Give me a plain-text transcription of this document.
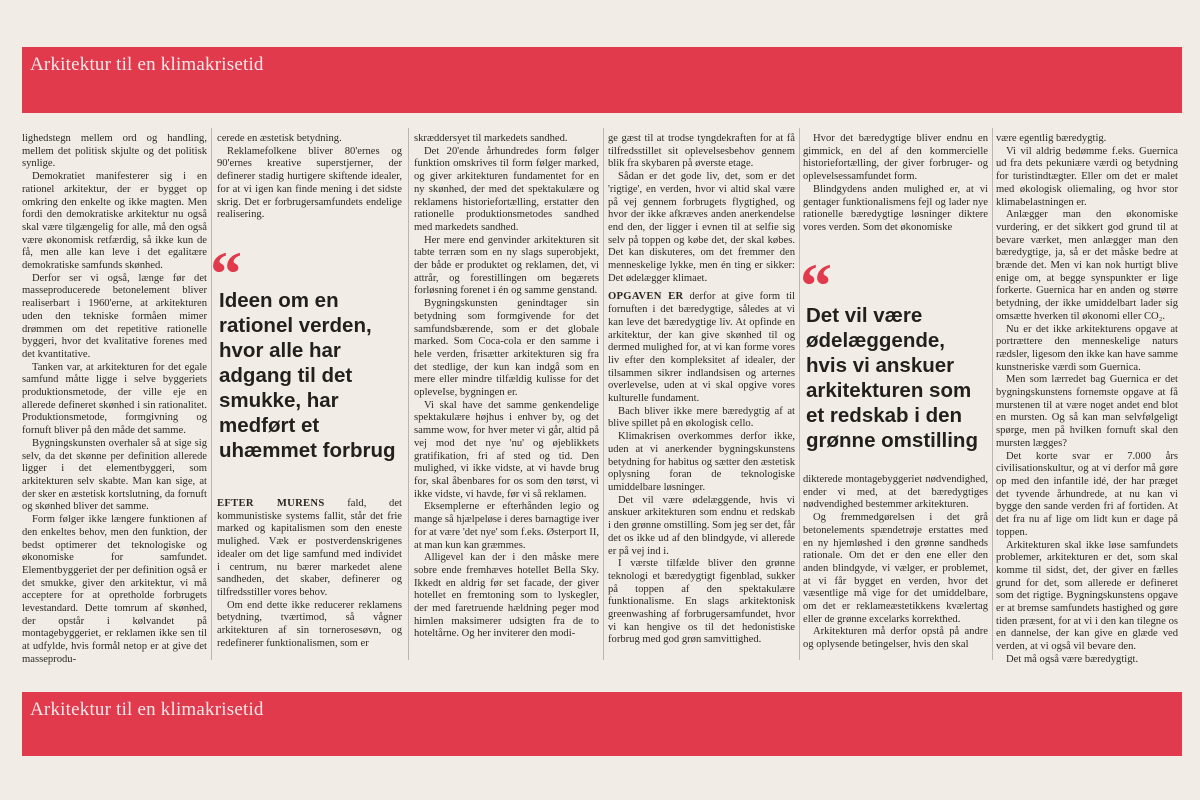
Arkitektur til en klimakrisetid

lighedstegn mellem ord og handling, mellem det politisk skjulte og det politisk synlige.

Demokratiet manifesterer sig i en rationel arkitektur, der er bygget op omkring den enkelte og ikke magten. Men fordi den demokratiske arkitektur nu også skal være tilgængelig for alle, må den også være økonomisk retfærdig, så ikke kun de få, men alle kan leve i det egalitære demokratiske samfunds skønhed.

Derfor ser vi også, længe før det masseproducerede betonelement bliver realiserbart i 1960'erne, at arkitekturen uden den tekniske formåen mimer drømmen om det repetitive rationelle byggeri, hvor det kvalitative forenes med det kvantitative.

Tanken var, at arkitekturen for det egale samfund måtte ligge i selve byggeriets produktionsmetode, der ville eje en allerede defineret skønhed i sin rationalitet. Produktionsmetode, formgivning og fornuft bliver på den måde det samme.

Bygningskunsten overhaler så at sige sig selv, da det skønne per definition allerede ligger i det elementbyggeri, som arkitekturen selv skabte. Man kan sige, at der sker en æstetisk kortslutning, da fornuft og skønhed bliver det samme.

Form følger ikke længere funktionen af den enkeltes behov, men den funktion, der bedst optimerer det teknologiske og økonomiske for samfundet. Elementbyggeriet der per definition også er det smukke, giver den arkitektur, vi må acceptere for at opretholde forbrugets levestandard. Dette tomrum af skønhed, der opstår i kølvandet på montagebyggeriet, er reklamen ikke sen til at udfylde, hvis formål netop er at give det masseprodu-

cerede en æstetisk betydning.

Reklamefolkene bliver 80'ernes og 90'ernes kreative superstjerner, der definerer stadig hurtigere skiftende idealer, for at vi igen kan finde mening i det sidste skrig. Det er forbrugersamfundets endelige realisering.

“
Ideen om en rationel verden, hvor alle har adgang til det smukke, har medført et uhæmmet forbrug

EFTER MURENS fald, det kommunistiske systems fallit, står det frie marked og kapitalismen som den eneste mulighed. Væk er postverdenskrigenes idealer om det lige samfund med individet i centrum, nu bærer markedet alene sandheden, det skaber, definerer og tilfredsstiller vores behov.

Om end dette ikke reducerer reklamens betydning, tværtimod, så vågner arkitekturen af sin tornerosesøvn, og redefinerer funktionalismen, som er

skræddersyet til markedets sandhed.

Det 20'ende århundredes form følger funktion omskrives til form følger marked, og giver arkitekturen fundamentet for en ny skønhed, der med det spektakulære og reklamens historiefortælling, erstatter den rationelle produktionsmetodes sandhed med markedets sandhed.

Her mere end genvinder arkitekturen sit tabte terræn som en ny slags superobjekt, der både er produktet og reklamen, det, vi attrår, og forestillingen om begærets forløsning forenet i én og samme genstand.

Bygningskunsten genindtager sin betydning som formgivende for det samfundsbærende, som er det globale marked. Som Coca-cola er den samme i hele verden, frisætter arkitekturen sig fra det stedlige, der kun kan indgå som en mere eller mindre tilfældig kulisse for det opleveIse, bygningen er.

Vi skal have det samme genkendelige spektakulære højhus i enhver by, og det samme wow, for hver meter vi går, altid på vej mod det nye 'nu' og øjeblikkets gratifikation, fri af sted og tid. Den mulighed, vi ikke vidste, at vi havde brug for, skal åbenbares for os som den tørst, vi ikke vidste, vi havde, før vi så reklamen.

Eksemplerne er efterhånden legio og mange så hjælpeløse i deres barnagtige iver for at være 'det nye' som f.eks. Østerport II, at man kun kan græmmes.

Alligevel kan der i den måske mere sobre ende fremhæves hotellet Bella Sky. Ikkedt en aldrig før set facade, der giver hotellet en fremtoning som to lyskegler, der med faretruende hældning peger mod himlen maksimerer udsigten fra de to hoteltårne. Og her inviterer den modi-

ge gæst til at trodse tyngdekraften for at få tilfredsstillet sit oplevelsesbehov gennem blik fra skybaren på øverste etage.

Sådan er det gode liv, det, som er det 'rigtige', en verden, hvor vi altid skal være på vej gennem forbrugets flygtighed, og hvor der ikke afkræves anden anerkendelse end den, der ligger i evnen til at selfie sig selv på toppen og købe det, der skal købes. Det kan diskuteres, om det fremmer den menneskelige lykke, men én ting er sikker: Det ødelægger klimaet.

OPGAVEN ER derfor at give form til fornuften i det bæredygtige, således at vi kan leve det bæredygtige liv. At opfinde en arkitektur, der kan give skønhed til og dermed mulighed for, at vi kan forme vores liv efter den kompleksitet af idealer, der tilsammen sikrer indlandsisen og arternes overlevelse, uden at vi skal opgive vores kulturelle fundament.

Bach bliver ikke mere bæredygtig af at blive spillet på en økologisk cello.

Klimakrisen overkommes derfor ikke, uden at vi anerkender bygningskunstens betydning for habitus og sætter den æstetisk oplysning foran de teknologiske umiddelbare løsninger.

Det vil være ødelæggende, hvis vi anskuer arkitekturen som endnu et redskab i den grønne omstilling. Som jeg ser det, får det os ikke ud af den blindgyde, vi allerede er på vej ind i.

I værste tilfælde bliver den grønne teknologi et bæredygtigt figenblad, sukker på toppen af den spektakulære funktionalisme. En slags arkitektonisk greenwashing af forbrugersamfundet, hvor vi kan hengive os til det hedonistiske forbrug med god grøn samvittighed.

Hvor det bæredygtige bliver endnu en gimmick, en del af den kommercielle historiefortælling, der giver forbruger- og oplevelsessamfundet form.

Blindgydens anden mulighed er, at vi gentager funktionalismens fejl og lader nye rationelle bæredygtige løsninger diktere vores verden. Som det økonomiske

“
Det vil være ødelæggende, hvis vi anskuer arkitekturen som et redskab i den grønne omstilling

dikterede montagebyggeriet nødvendighed, ender vi med, at det bæredygtiges nødvendighed bestemmer arkitekturen.

Og fremmedgørelsen i det grå betonelements spændetrøje erstattes med en ny hjemløshed i den grønne sandheds rationale. Om det er den ene eller den anden blindgyde, vi vælger, er problemet, at vi får bygget en verden, hvor det væsentlige må vige for det umiddelbare, om det er reklameæstetikkens kvælertag eller de grønne excelarks korrekthed.

Arkitekturen må derfor opstå på andre og oplysende betingelser, hvis den skal

være egentlig bæredygtig.

Vi vil aldrig bedømme f.eks. Guernica ud fra dets pekuniære værdi og betydning for turistindtægter. Eller om det er malet med økologisk oliemaling, og hvor stor klimabelastningen er.

Anlægger man den økonomiske vurdering, er det sikkert god grund til at bevare værket, men anlægger man den bæredygtige, ja, så er det måske bedre at brænde det. Men vi kan nok hurtigt blive enige om, at begge synspunkter er lige forkerte. Guernica har en anden og større betydning, der ikke umiddelbart lader sig omsætte hverken til økonomi eller CO₂.

Nu er det ikke arkitekturens opgave at portrættere den menneskelige naturs rædsler, ligesom den ikke kan have samme kunstneriske værdi som Guernica.

Men som lærredet bag Guernica er det bygningskunstens fornemste opgave at få murstenen til at være noget andet end blot en mursten. Og så kan man selvfølgeligt spørge, men på hvilken fornuft skal den mursten lægges?

Det korte svar er 7.000 års civilisationskultur, og at vi derfor må gøre op med den infantile idé, der har præget det tyvende århundrede, at nu kan vi bygge den sande verden fri af fortiden. At det fra nu af lige om lidt kun er dage på toppen.

Arkitekturen skal ikke løse samfundets problemer, arkitekturen er det, som skal komme til sidst, det, der giver en fælles grund for det, som allerede er defineret som det rigtige. Bygningskunstens opgave er at bremse samfundets hastighed og gøre tiden præsent, for at vi i den kan tilegne os en dannelse, der kan give en glæde ved verden, at vi også vil bevare den.

Det må også være bæredygtigt.

Arkitektur til en klimakrisetid
